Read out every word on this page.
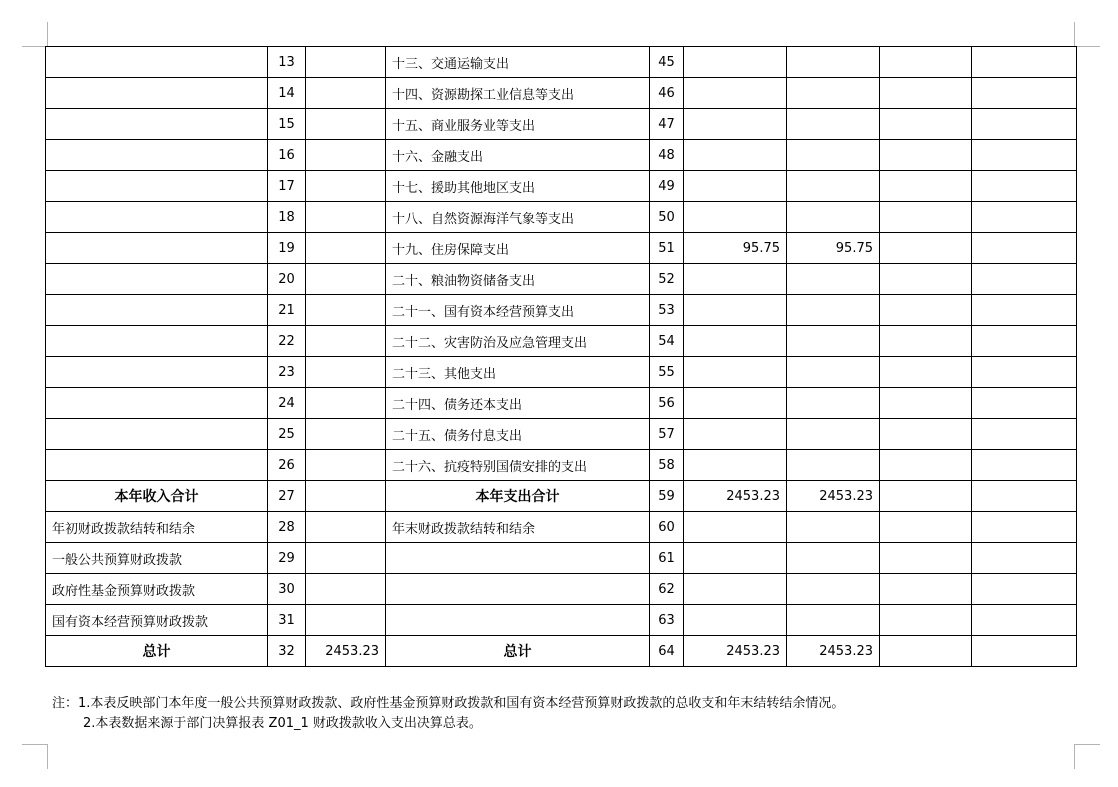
	13		十三、交通运输支出	45				
	14		十四、资源勘探工业信息等支出	46				
	15		十五、商业服务业等支出	47				
	16		十六、金融支出	48				
	17		十七、援助其他地区支出	49				
	18		十八、自然资源海洋气象等支出	50				
	19		十九、住房保障支出	51	95.75	95.75		
	20		二十、粮油物资储备支出	52				
	21		二十一、国有资本经营预算支出	53				
	22		二十二、灾害防治及应急管理支出	54				
	23		二十三、其他支出	55				
	24		二十四、债务还本支出	56				
	25		二十五、债务付息支出	57				
	26		二十六、抗疫特别国债安排的支出	58				
本年收入合计	27		本年支出合计	59	2453.23	2453.23		
年初财政拨款结转和结余	28		年末财政拨款结转和结余	60				
一般公共预算财政拨款	29			61				
政府性基金预算财政拨款	30			62				
国有资本经营预算财政拨款	31			63				
总计	32	2453.23	总计	64	2453.23	2453.23		
注：1.本表反映部门本年度一般公共预算财政拨款、政府性基金预算财政拨款和国有资本经营预算财政拨款的总收支和年末结转结余情况。
2.本表数据来源于部门决算报表 Z01_1 财政拨款收入支出决算总表。
